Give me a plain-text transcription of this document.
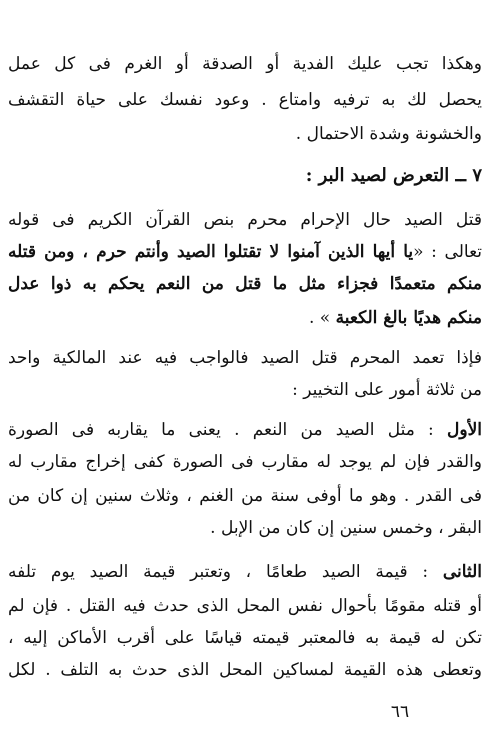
وهكذا تجب عليك الفدية أو الصدقة أو الغرم فى كل عمل
يحصل لك به ترفيه وامتاع . وعود نفسك على حياة التقشف
والخشونة وشدة الاحتمال .
٧ ــ التعرض لصيد البر :
قتل الصيد حال الإحرام محرم بنص القرآن الكريم فى قوله
تعالى : «يا أيها الذين آمنوا لا تقتلوا الصيد وأنتم حرم ، ومن قتله
منكم متعمدًا فجزاء مثل ما قتل من النعم يحكم به ذوا عدل
منكم هديًا بالغ الكعبة » .
فإذا تعمد المحرم قتل الصيد فالواجب فيه عند المالكية واحد
من ثلاثة أمور على التخيير :
الأول : مثل الصيد من النعم . يعنى ما يقاربه فى الصورة
والقدر فإن لم يوجد له مقارب فى الصورة كفى إخراج مقارب له
فى القدر . وهو ما أوفى سنة من الغنم ، وثلاث سنين إن كان من
البقر ، وخمس سنين إن كان من الإبل .
الثانى : قيمة الصيد طعامًا ، وتعتبر قيمة الصيد يوم تلفه
أو قتله مقومًا بأحوال نفس المحل الذى حدث فيه القتل . فإن لم
تكن له قيمة به فالمعتبر قيمته قياسًا على أقرب الأماكن إليه ،
وتعطى هذه القيمة لمساكين المحل الذى حدث به التلف . لكل
٦٦
